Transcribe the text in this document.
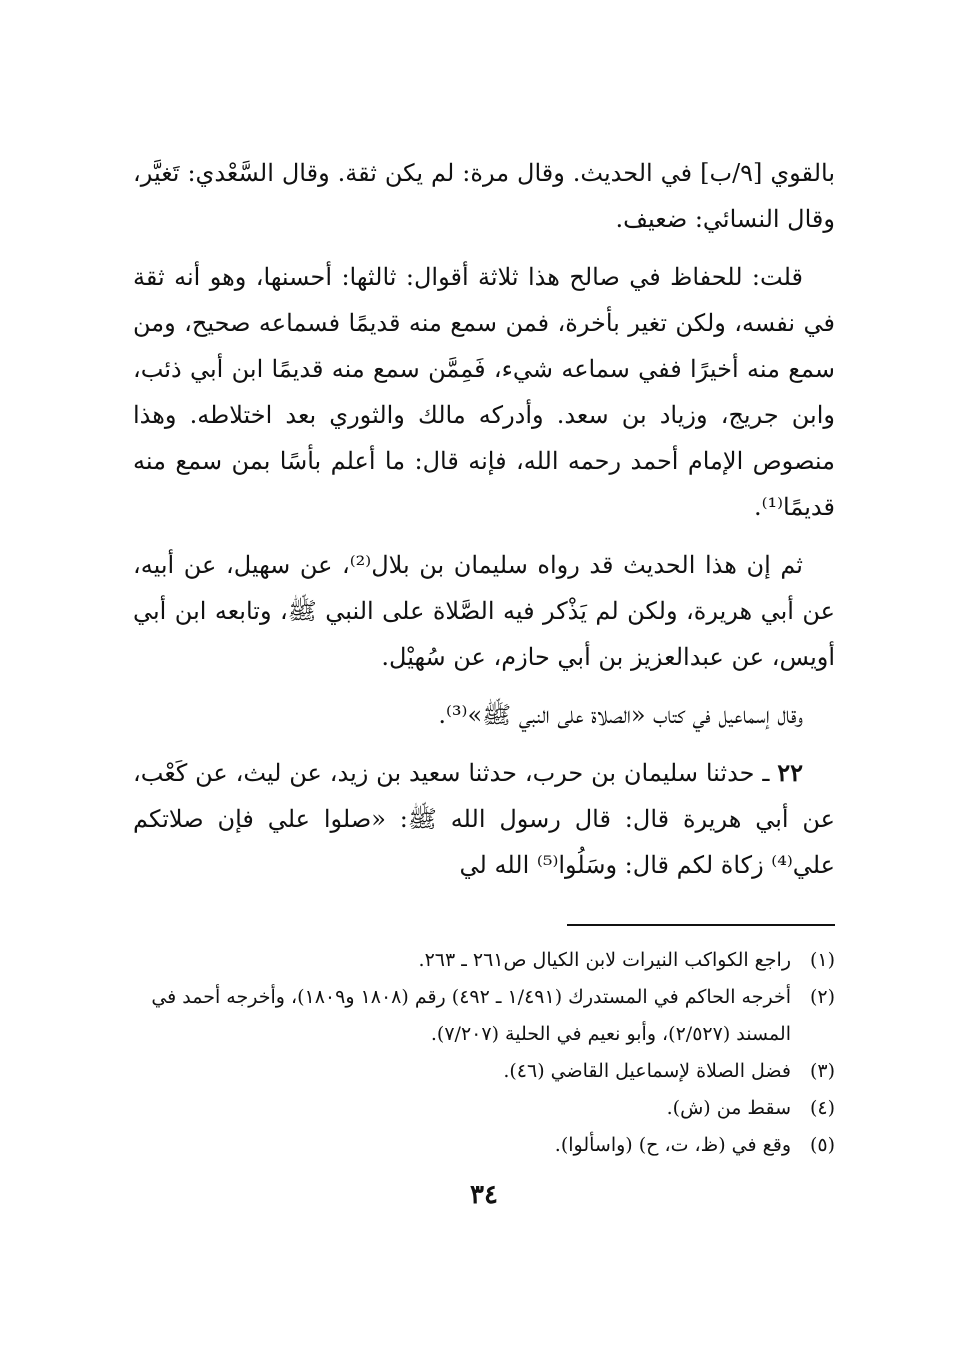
بالقوي [٩/ب] في الحديث. وقال مرة: لم يكن ثقة. وقال السَّعْدي: تَغيَّر، وقال النسائي: ضعيف.

قلت: للحفاظ في صالح هذا ثلاثة أقوال: ثالثها: أحسنها، وهو أنه ثقة في نفسه، ولكن تغير بأخرة، فمن سمع منه قديمًا فسماعه صحيح، ومن سمع منه أخيرًا ففي سماعه شيء، فَمِمَّن سمع منه قديمًا ابن أبي ذئب، وابن جريج، وزياد بن سعد. وأدركه مالك والثوري بعد اختلاطه. وهذا منصوص الإمام أحمد رحمه الله، فإنه قال: ما أعلم بأسًا بمن سمع منه قديمًا⁽¹⁾.

ثم إن هذا الحديث قد رواه سليمان بن بلال⁽²⁾، عن سهيل، عن أبيه، عن أبي هريرة، ولكن لم يَذْكر فيه الصَّلاة على النبي ﷺ، وتابعه ابن أبي أويس، عن عبدالعزيز بن أبي حازم، عن سُهيْل.

وقال إسماعيل في كتاب «الصلاة على النبي ﷺ»⁽³⁾.

٢٢ ـ حدثنا سليمان بن حرب، حدثنا سعيد بن زيد، عن ليث، عن كَعْب، عن أبي هريرة قال: قال رسول الله ﷺ: «صلوا علي فإن صلاتكم علي⁽⁴⁾ زكاة لكم قال: وسَلُوا⁽⁵⁾ الله لي

(١)
راجع الكواكب النيرات لابن الكيال ص٢٦١ ـ ٢٦٣.
(٢)
أخرجه الحاكم في المستدرك (١/٤٩١ ـ ٤٩٢) رقم (١٨٠٨ و١٨٠٩)، وأخرجه أحمد في المسند (٢/٥٢٧)، وأبو نعيم في الحلية (٧/٢٠٧).
(٣)
فضل الصلاة لإسماعيل القاضي (٤٦).
(٤)
سقط من (ش).
(٥)
وقع في (ظ، ت، ح) (واسألوا).
٣٤
